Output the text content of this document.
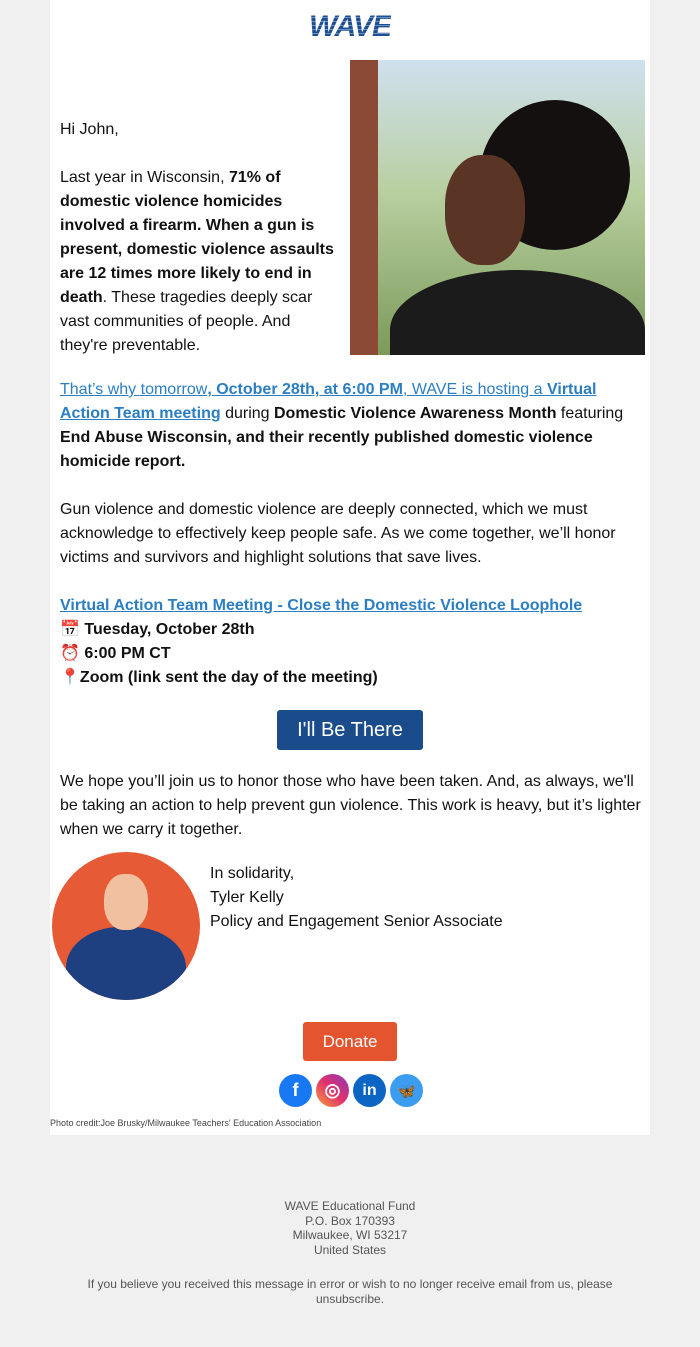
WAVE
Hi John,
Last year in Wisconsin, 71% of domestic violence homicides involved a firearm. When a gun is present, domestic violence assaults are 12 times more likely to end in death. These tragedies deeply scar vast communities of people. And they're preventable.
That’s why tomorrow, October 28th, at 6:00 PM, WAVE is hosting a Virtual Action Team meeting during Domestic Violence Awareness Month featuring End Abuse Wisconsin, and their recently published domestic violence homicide report.
Gun violence and domestic violence are deeply connected, which we must acknowledge to effectively keep people safe. As we come together, we’ll honor victims and survivors and highlight solutions that save lives.
Virtual Action Team Meeting - Close the Domestic Violence Loophole
📅 Tuesday, October 28th
⏰ 6:00 PM CT
📍Zoom (link sent the day of the meeting)
I'll Be There
We hope you’ll join us to honor those who have been taken. And, as always, we'll be taking an action to help prevent gun violence. This work is heavy, but it’s lighter when we carry it together.
In solidarity,
Tyler Kelly
Policy and Engagement Senior Associate
Donate
f	◎	in	🦋
Photo credit:Joe Brusky/Milwaukee Teachers' Education Association
WAVE Educational Fund
P.O. Box 170393
Milwaukee, WI 53217
United States
If you believe you received this message in error or wish to no longer receive email from us, please unsubscribe.
